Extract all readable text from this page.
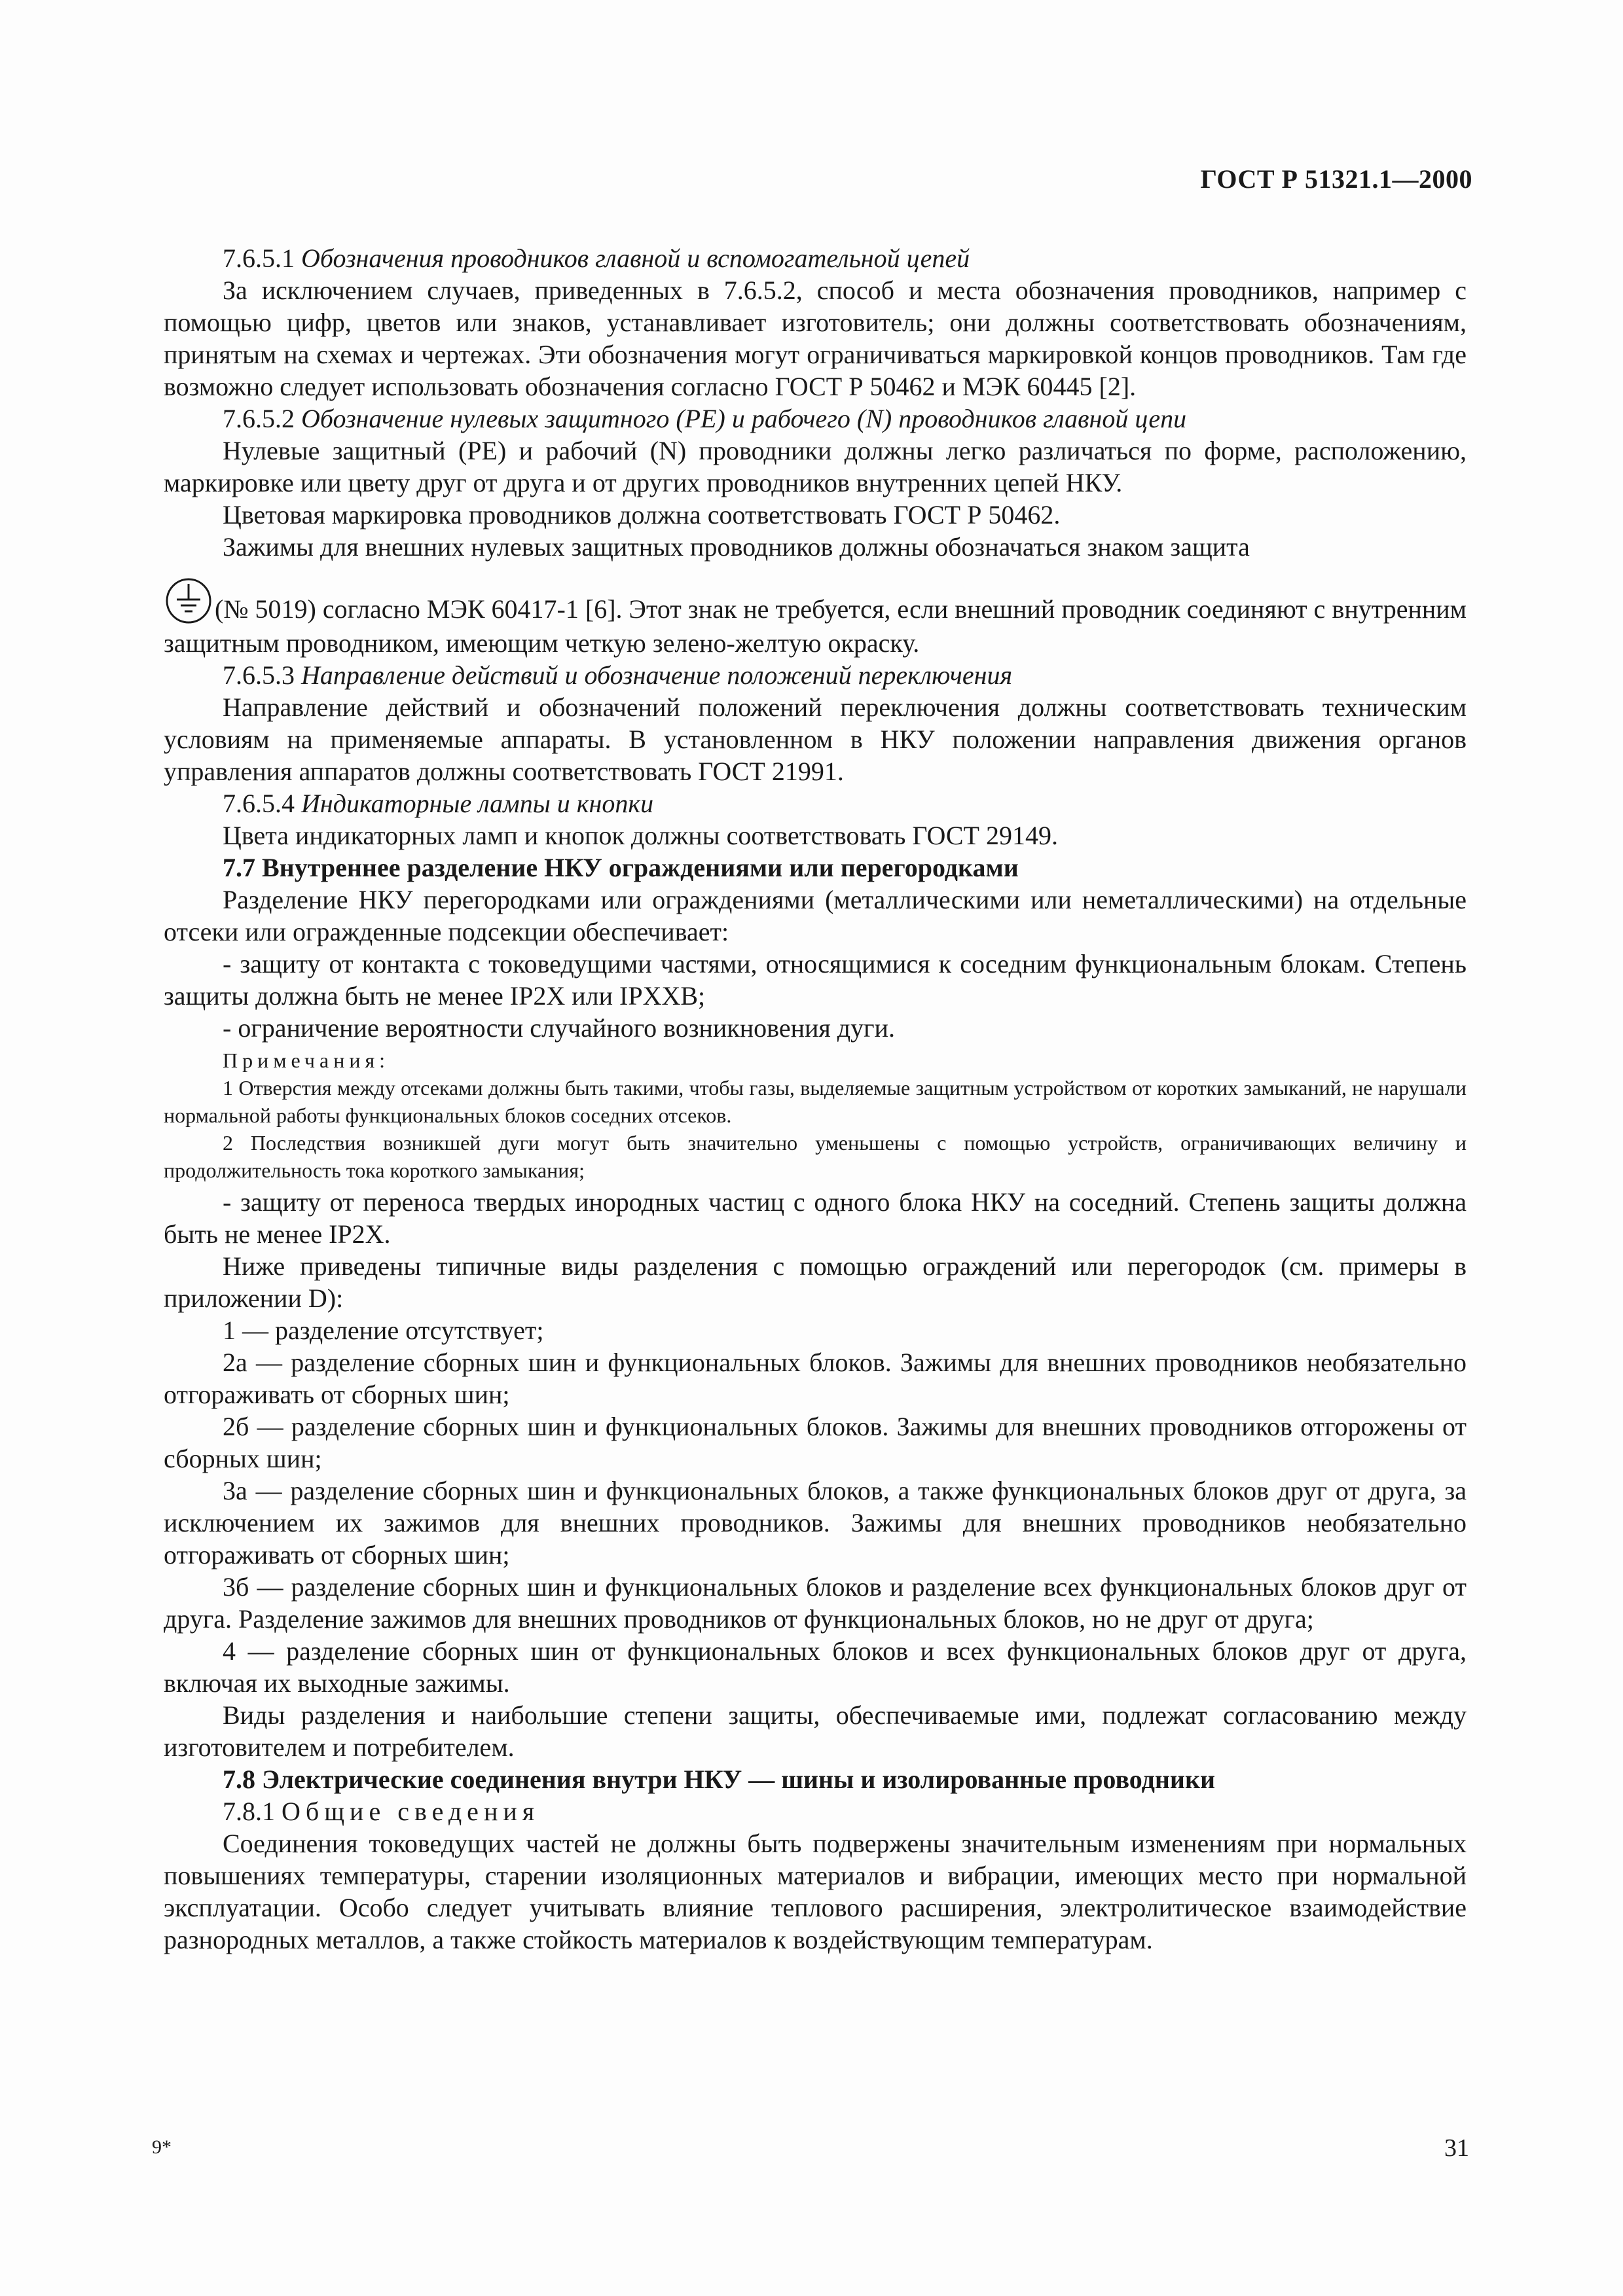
ГОСТ Р 51321.1—2000

7.6.5.1 Обозначения проводников главной и вспомогательной цепей

За исключением случаев, приведенных в 7.6.5.2, способ и места обозначения проводников, например с помощью цифр, цветов или знаков, устанавливает изготовитель; они должны соответствовать обозначениям, принятым на схемах и чертежах. Эти обозначения могут ограничиваться маркировкой концов проводников. Там где возможно следует использовать обозначения согласно ГОСТ Р 50462 и МЭК 60445 [2].

7.6.5.2 Обозначение нулевых защитного (PE) и рабочего (N) проводников главной цепи

Нулевые защитный (PE) и рабочий (N) проводники должны легко различаться по форме, расположению, маркировке или цвету друг от друга и от других проводников внутренних цепей НКУ.

Цветовая маркировка проводников должна соответствовать ГОСТ Р 50462.

Зажимы для внешних нулевых защитных проводников должны обозначаться знаком защита

(№ 5019) согласно МЭК 60417-1 [6]. Этот знак не требуется, если внешний проводник соединяют с внутренним защитным проводником, имеющим четкую зелено-желтую окраску.

7.6.5.3 Направление действий и обозначение положений переключения

Направление действий и обозначений положений переключения должны соответствовать техническим условиям на применяемые аппараты. В установленном в НКУ положении направления движения органов управления аппаратов должны соответствовать ГОСТ 21991.

7.6.5.4 Индикаторные лампы и кнопки

Цвета индикаторных ламп и кнопок должны соответствовать ГОСТ 29149.

7.7 Внутреннее разделение НКУ ограждениями или перегородками

Разделение НКУ перегородками или ограждениями (металлическими или неметаллическими) на отдельные отсеки или огражденные подсекции обеспечивает:

- защиту от контакта с токоведущими частями, относящимися к соседним функциональным блокам. Степень защиты должна быть не менее IP2X или IPXXB;

- ограничение вероятности случайного возникновения дуги.

Примечания:

1 Отверстия между отсеками должны быть такими, чтобы газы, выделяемые защитным устройством от коротких замыканий, не нарушали нормальной работы функциональных блоков соседних отсеков.

2 Последствия возникшей дуги могут быть значительно уменьшены с помощью устройств, ограничивающих величину и продолжительность тока короткого замыкания;

- защиту от переноса твердых инородных частиц с одного блока НКУ на соседний. Степень защиты должна быть не менее IP2X.

Ниже приведены типичные виды разделения с помощью ограждений или перегородок (см. примеры в приложении D):

1 — разделение отсутствует;

2а — разделение сборных шин и функциональных блоков. Зажимы для внешних проводников необязательно отгораживать от сборных шин;

2б — разделение сборных шин и функциональных блоков. Зажимы для внешних проводников отгорожены от сборных шин;

3а — разделение сборных шин и функциональных блоков, а также функциональных блоков друг от друга, за исключением их зажимов для внешних проводников. Зажимы для внешних проводников необязательно отгораживать от сборных шин;

3б — разделение сборных шин и функциональных блоков и разделение всех функциональных блоков друг от друга. Разделение зажимов для внешних проводников от функциональных блоков, но не друг от друга;

4 — разделение сборных шин от функциональных блоков и всех функциональных блоков друг от друга, включая их выходные зажимы.

Виды разделения и наибольшие степени защиты, обеспечиваемые ими, подлежат согласованию между изготовителем и потребителем.

7.8 Электрические соединения внутри НКУ — шины и изолированные проводники

7.8.1 Общие сведения

Соединения токоведущих частей не должны быть подвержены значительным изменениям при нормальных повышениях температуры, старении изоляционных материалов и вибрации, имеющих место при нормальной эксплуатации. Особо следует учитывать влияние теплового расширения, электролитическое взаимодействие разнородных металлов, а также стойкость материалов к воздействующим температурам.

9*	31
